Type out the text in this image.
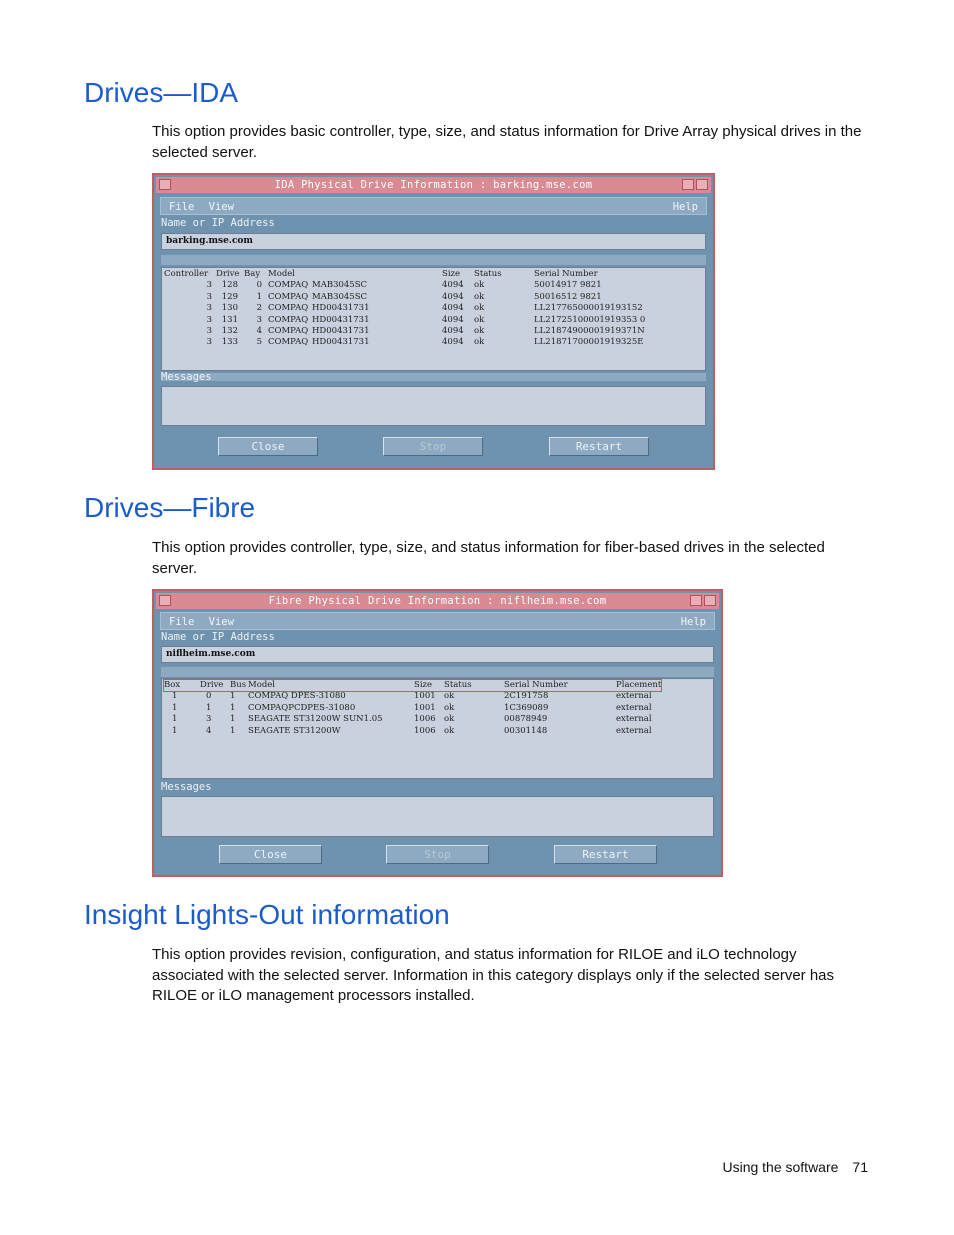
Drives—IDA

This option provides basic controller, type, size, and status information for Drive Array physical drives in the selected server.

IDA Physical Drive Information : barking.mse.com
File View	Help
Name or IP Address
barking.mse.com
Controller	Drive	Bay	Model		Size	Status	Serial Number
3	128	0	COMPAQ	MAB3045SC	4094	ok	50014917 9821
3	129	1	COMPAQ	MAB3045SC	4094	ok	50016512 9821
3	130	2	COMPAQ	HD00431731	4094	ok	LL217765000019193152
3	131	3	COMPAQ	HD00431731	4094	ok	LL21725100001919353 0
3	132	4	COMPAQ	HD00431731	4094	ok	LL21874900001919371N
3	133	5	COMPAQ	HD00431731	4094	ok	LL21871700001919325E
Messages
Close	Stop	Restart
Drives—Fibre

This option provides controller, type, size, and status information for fiber-based drives in the selected server.

Fibre Physical Drive Information : niflheim.mse.com
File View	Help
Name or IP Address
niflheim.mse.com
Box	Drive	Bus	Model	Size	Status	Serial Number	Placement
1	0	1	COMPAQ DPES-31080	1001	ok	2C191758	external
1	1	1	COMPAQPCDPES-31080	1001	ok	1C369089	external
1	3	1	SEAGATE ST31200W SUN1.05	1006	ok	00878949	external
1	4	1	SEAGATE ST31200W	1006	ok	00301148	external
Messages
Close	Stop	Restart
Insight Lights-Out information

This option provides revision, configuration, and status information for RILOE and iLO technology associated with the selected server. Information in this category displays only if the selected server has RILOE or iLO management processors installed.

Using the software 71
